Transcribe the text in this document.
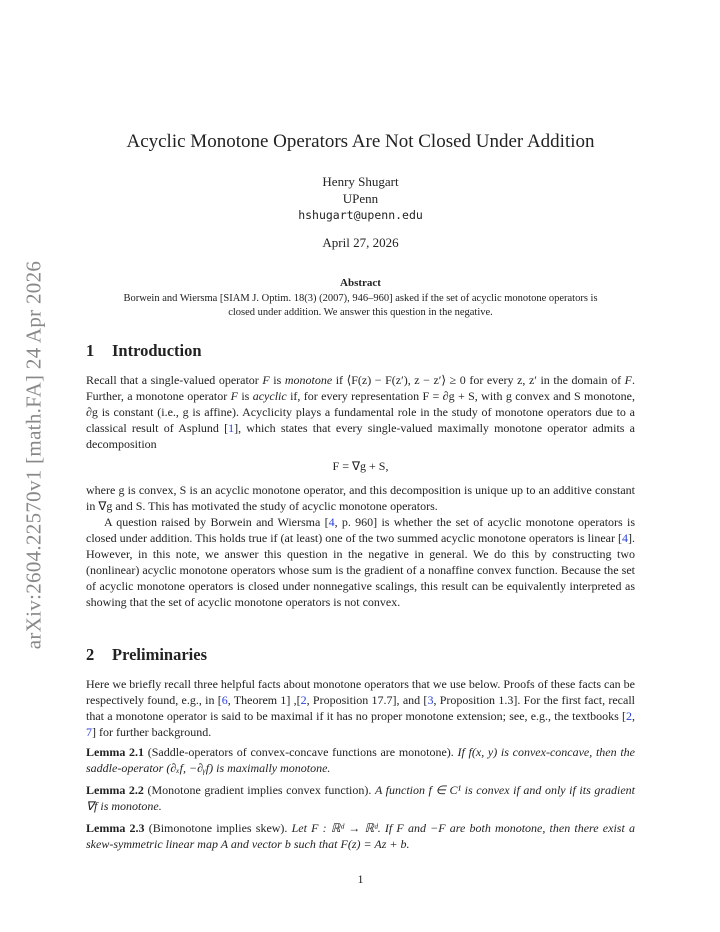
arXiv:2604.22570v1 [math.FA] 24 Apr 2026
Acyclic Monotone Operators Are Not Closed Under Addition
Henry Shugart
UPenn
hshugart@upenn.edu
April 27, 2026
Abstract
Borwein and Wiersma [SIAM J. Optim. 18(3) (2007), 946–960] asked if the set of acyclic monotone operators is closed under addition. We answer this question in the negative.
1 Introduction
Recall that a single-valued operator F is monotone if ⟨F(z) − F(z′), z − z′⟩ ≥ 0 for every z, z′ in the domain of F. Further, a monotone operator F is acyclic if, for every representation F = ∂g + S, with g convex and S monotone, ∂g is constant (i.e., g is affine). Acyclicity plays a fundamental role in the study of monotone operators due to a classical result of Asplund [1], which states that every single-valued maximally monotone operator admits a decomposition
F = ∇g + S,
where g is convex, S is an acyclic monotone operator, and this decomposition is unique up to an additive constant in ∇g and S. This has motivated the study of acyclic monotone operators.
A question raised by Borwein and Wiersma [4, p. 960] is whether the set of acyclic monotone operators is closed under addition. This holds true if (at least) one of the two summed acyclic monotone operators is linear [4]. However, in this note, we answer this question in the negative in general. We do this by constructing two (nonlinear) acyclic monotone operators whose sum is the gradient of a nonaffine convex function. Because the set of acyclic monotone operators is closed under nonnegative scalings, this result can be equivalently interpreted as showing that the set of acyclic monotone operators is not convex.
2 Preliminaries
Here we briefly recall three helpful facts about monotone operators that we use below. Proofs of these facts can be respectively found, e.g., in [6, Theorem 1] ,[2, Proposition 17.7], and [3, Proposition 1.3]. For the first fact, recall that a monotone operator is said to be maximal if it has no proper monotone extension; see, e.g., the textbooks [2, 7] for further background.
Lemma 2.1 (Saddle-operators of convex-concave functions are monotone). If f(x, y) is convex-concave, then the saddle-operator (∂ₓf, −∂ᵧf) is maximally monotone.
Lemma 2.2 (Monotone gradient implies convex function). A function f ∈ C¹ is convex if and only if its gradient ∇f is monotone.
Lemma 2.3 (Bimonotone implies skew). Let F : ℝᵈ → ℝᵈ. If F and −F are both monotone, then there exist a skew-symmetric linear map A and vector b such that F(z) = Az + b.
1
